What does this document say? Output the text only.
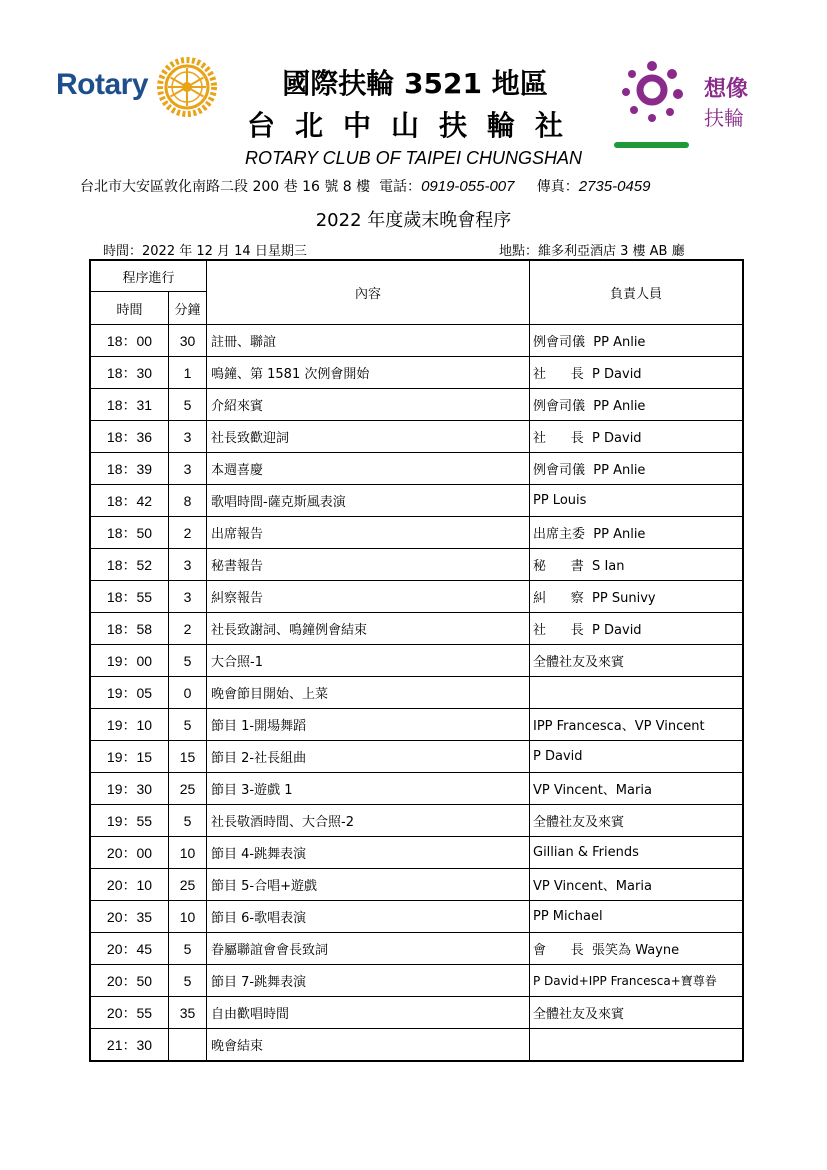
Rotary	國際扶輪 3521 地區
台北中山扶輪社
ROTARY CLUB OF TAIPEI CHUNGSHAN
想像
扶輪
台北市大安區敦化南路二段 200 巷 16 號 8 樓 電話：0919-055-007 傳真：2735-0459
2022 年度歲末晚會程序
時間：2022 年 12 月 14 日星期三	地點：維多利亞酒店 3 樓 AB 廳
程序進行		內容	負責人員
時間	分鐘		
18：00	30	註冊、聯誼	例會司儀  PP Anlie
18：30	1	鳴鐘、第 1581 次例會開始	社      長  P David
18：31	5	介紹來賓	例會司儀  PP Anlie
18：36	3	社長致歡迎詞	社      長  P David
18：39	3	本週喜慶	例會司儀  PP Anlie
18：42	8	歌唱時間-薩克斯風表演	PP Louis
18：50	2	出席報告	出席主委  PP Anlie
18：52	3	秘書報告	秘      書  S Ian
18：55	3	糾察報告	糾      察  PP Sunivy
18：58	2	社長致謝詞、鳴鐘例會結束	社      長  P David
19：00	5	大合照-1	全體社友及來賓
19：05	0	晚會節目開始、上菜	
19：10	5	節目 1-開場舞蹈	IPP Francesca、VP Vincent
19：15	15	節目 2-社長組曲	P David
19：30	25	節目 3-遊戲 1	VP Vincent、Maria
19：55	5	社長敬酒時間、大合照-2	全體社友及來賓
20：00	10	節目 4-跳舞表演	Gillian & Friends
20：10	25	節目 5-合唱+遊戲	VP Vincent、Maria
20：35	10	節目 6-歌唱表演	PP Michael
20：45	5	眷屬聯誼會會長致詞	會      長  張笑為 Wayne
20：50	5	節目 7-跳舞表演	P David+IPP Francesca+寶尊眷
20：55	35	自由歡唱時間	全體社友及來賓
21：30		晚會結束	
